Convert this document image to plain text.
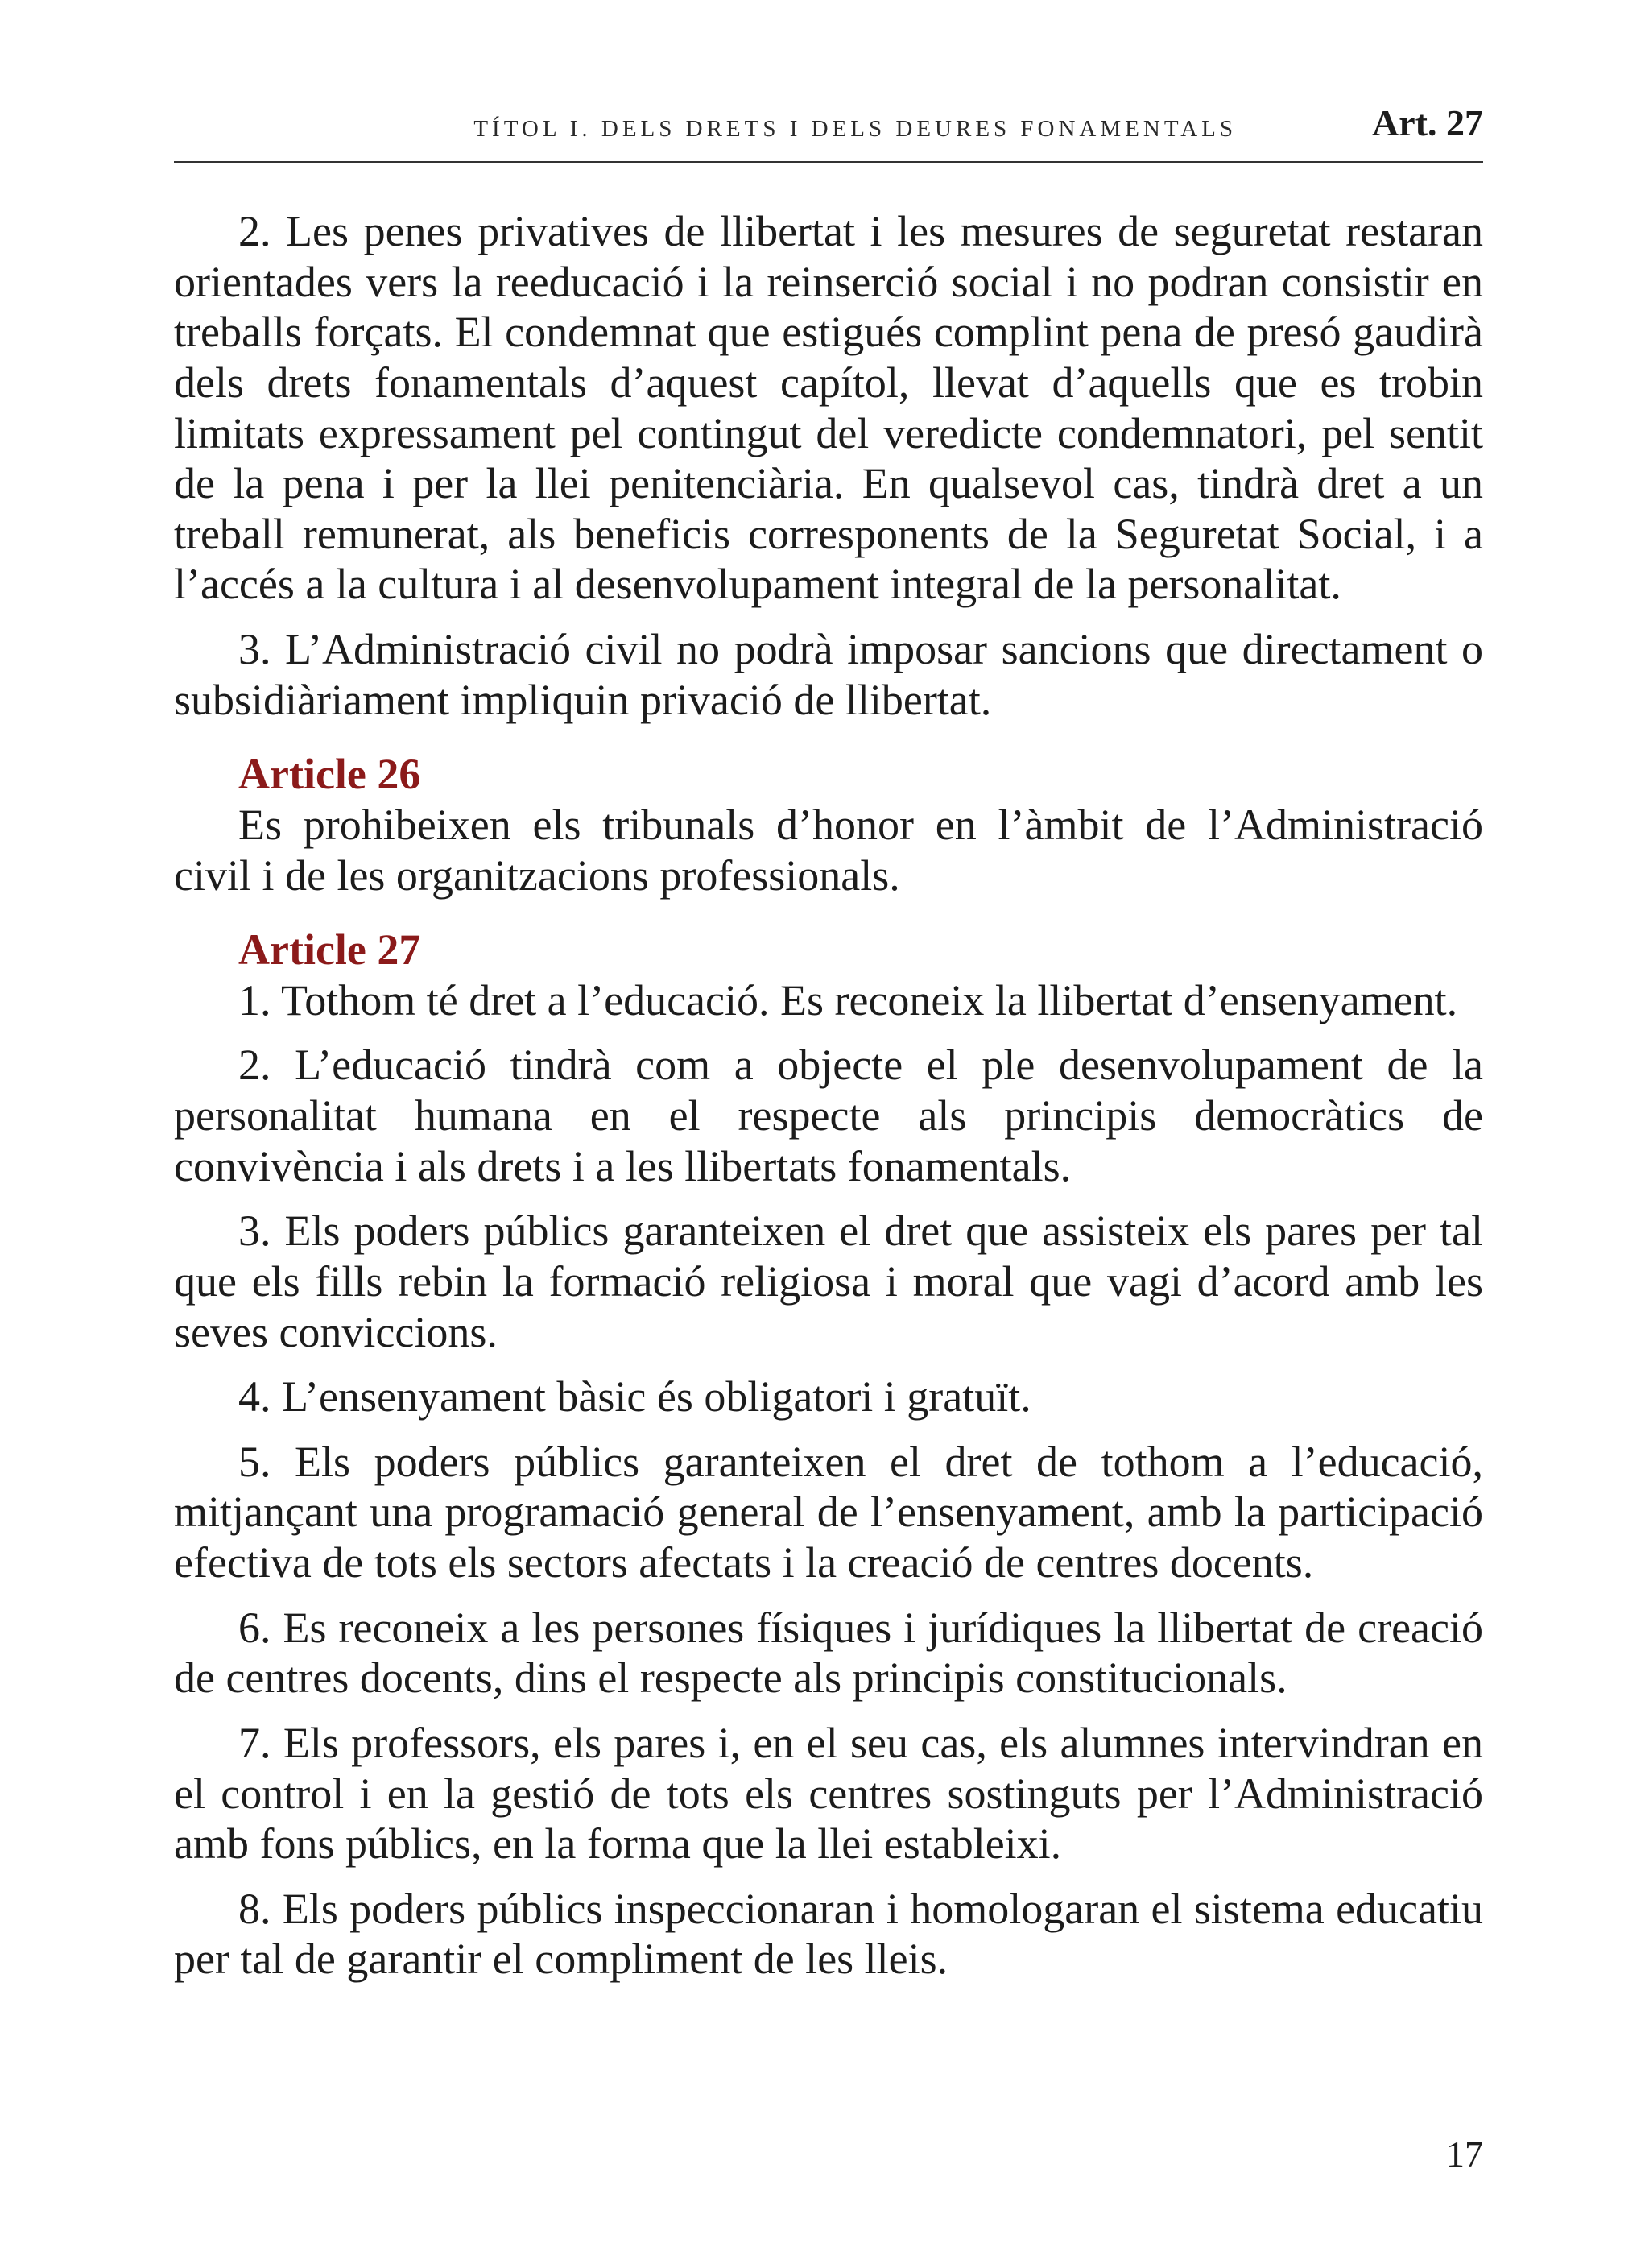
TÍTOL I. DELS DRETS I DELS DEURES FONAMENTALS	Art. 27

2. Les penes privatives de llibertat i les mesures de seguretat restaran orientades vers la reeducació i la reinserció social i no podran consistir en treballs forçats. El condemnat que estigués complint pena de presó gaudirà dels drets fonamentals d’aquest capítol, llevat d’aquells que es trobin limitats expressament pel contingut del veredicte condemnatori, pel sentit de la pena i per la llei penitenciària. En qualsevol cas, tindrà dret a un treball remunerat, als beneficis corresponents de la Seguretat Social, i a l’accés a la cultura i al desenvolupament integral de la personalitat.

3. L’Administració civil no podrà imposar sancions que directament o subsidiàriament impliquin privació de llibertat.

Article 26

Es prohibeixen els tribunals d’honor en l’àmbit de l’Administració civil i de les organitzacions professionals.

Article 27

1. Tothom té dret a l’educació. Es reconeix la llibertat d’ensenyament.

2. L’educació tindrà com a objecte el ple desenvolupament de la personalitat humana en el respecte als principis democràtics de convivència i als drets i a les llibertats fonamentals.

3. Els poders públics garanteixen el dret que assisteix els pares per tal que els fills rebin la formació religiosa i moral que vagi d’acord amb les seves conviccions.

4. L’ensenyament bàsic és obligatori i gratuït.

5. Els poders públics garanteixen el dret de tothom a l’educació, mitjançant una programació general de l’ensenyament, amb la participació efectiva de tots els sectors afectats i la creació de centres docents.

6. Es reconeix a les persones físiques i jurídiques la llibertat de creació de centres docents, dins el respecte als principis constitucionals.

7. Els professors, els pares i, en el seu cas, els alumnes intervindran en el control i en la gestió de tots els centres sostinguts per l’Administració amb fons públics, en la forma que la llei estableixi.

8. Els poders públics inspeccionaran i homologaran el sistema educatiu per tal de garantir el compliment de les lleis.

17
